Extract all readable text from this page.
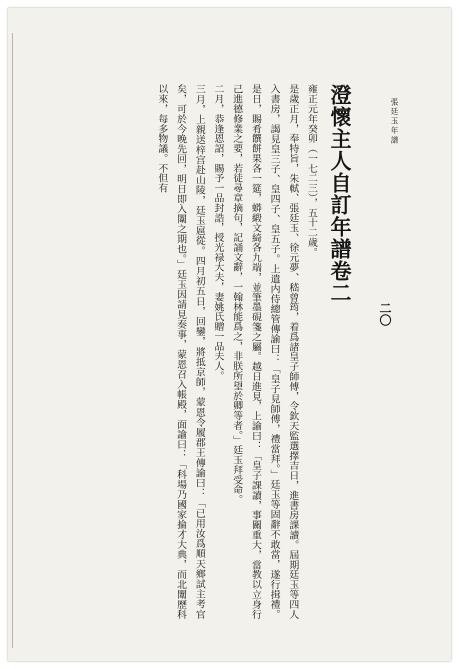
張廷玉年譜
二〇
澄懷主人自訂年譜卷二

雍正元年癸卯（一七二三），五十二歲。

是歲正月，奉特旨，朱軾、張廷玉、徐元夢、嵇曾筠，着爲諸皇子師傅，令欽天監選擇吉日，進書房課讀。屆期廷玉等四人入書房，謁見皇三子、皇四子、皇五子。上遣内侍總管傳諭曰：「皇子見師傅，禮當拜。」廷玉等固辭不敢當，遂行揖禮。是日，賜肴饌餅果各一筵，蟒緞文綺各九端，並筆墨硯箋之屬。越日進見，上諭曰：「皇子課讀，事關重大，當教以立身行己進德修業之要，若徒尋章摘句，記誦文辭，一翰林能爲之，非朕所望於卿等者。」廷玉拜受命。

二月，恭逢恩詔，賜予一品封誥，授光禄大夫，妻姚氏贈一品夫人。

三月，上親送梓宫赴山陵，廷玉扈從。四月初五日，回鑾，將抵京師，蒙恩令履郡王傳諭曰：「已用汝爲順天鄉試主考官矣，可於今晚先回，明日即入闈之期也。」廷玉因請見奏事，蒙恩召入帳殿，面諭曰：「科場乃國家掄才大典，而北闈歷科以來，每多物議。不但有
